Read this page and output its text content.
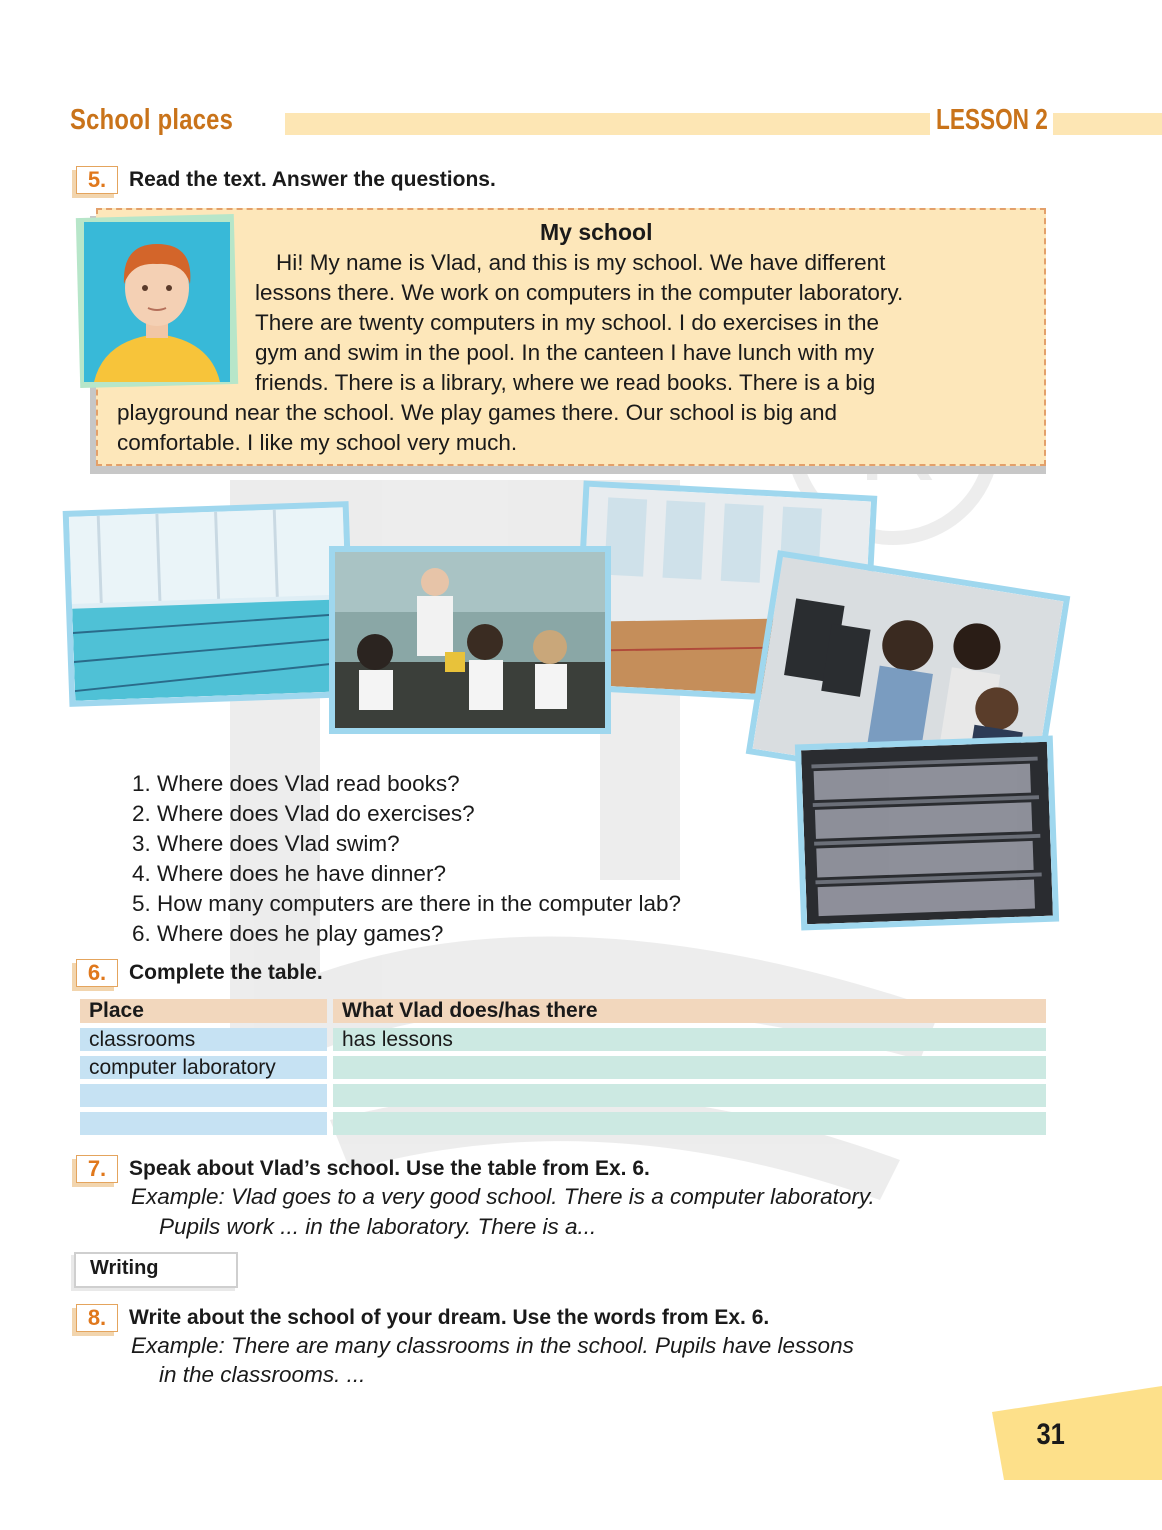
School places	LESSON 2
5.	Read the text. Answer the questions.
My school
Hi! My name is Vlad, and this is my school. We have different
lessons there. We work on computers in the computer laboratory.
There are twenty computers in my school. I do exercises in the
gym and swim in the pool. In the canteen I have lunch with my
friends. There is a library, where we read books. There is a big
playground near the school. We play games there. Our school is big and
comfortable. I like my school very much.
1. Where does Vlad read books?
2. Where does Vlad do exercises?
3. Where does Vlad swim?
4. Where does he have dinner?
5. How many computers are there in the computer lab?
6. Where does he play games?
6.	Complete the table.
Place	What Vlad does/has there
classrooms	has lessons
computer laboratory
7.	Speak about Vlad’s school. Use the table from Ex. 6.
Example: Vlad goes to a very good school. There is a computer laboratory.
Pupils work ... in the laboratory. There is a...
Writing
8.	Write about the school of your dream. Use the words from Ex. 6.
Example: There are many classrooms in the school. Pupils have lessons
in the classrooms. ...
31
